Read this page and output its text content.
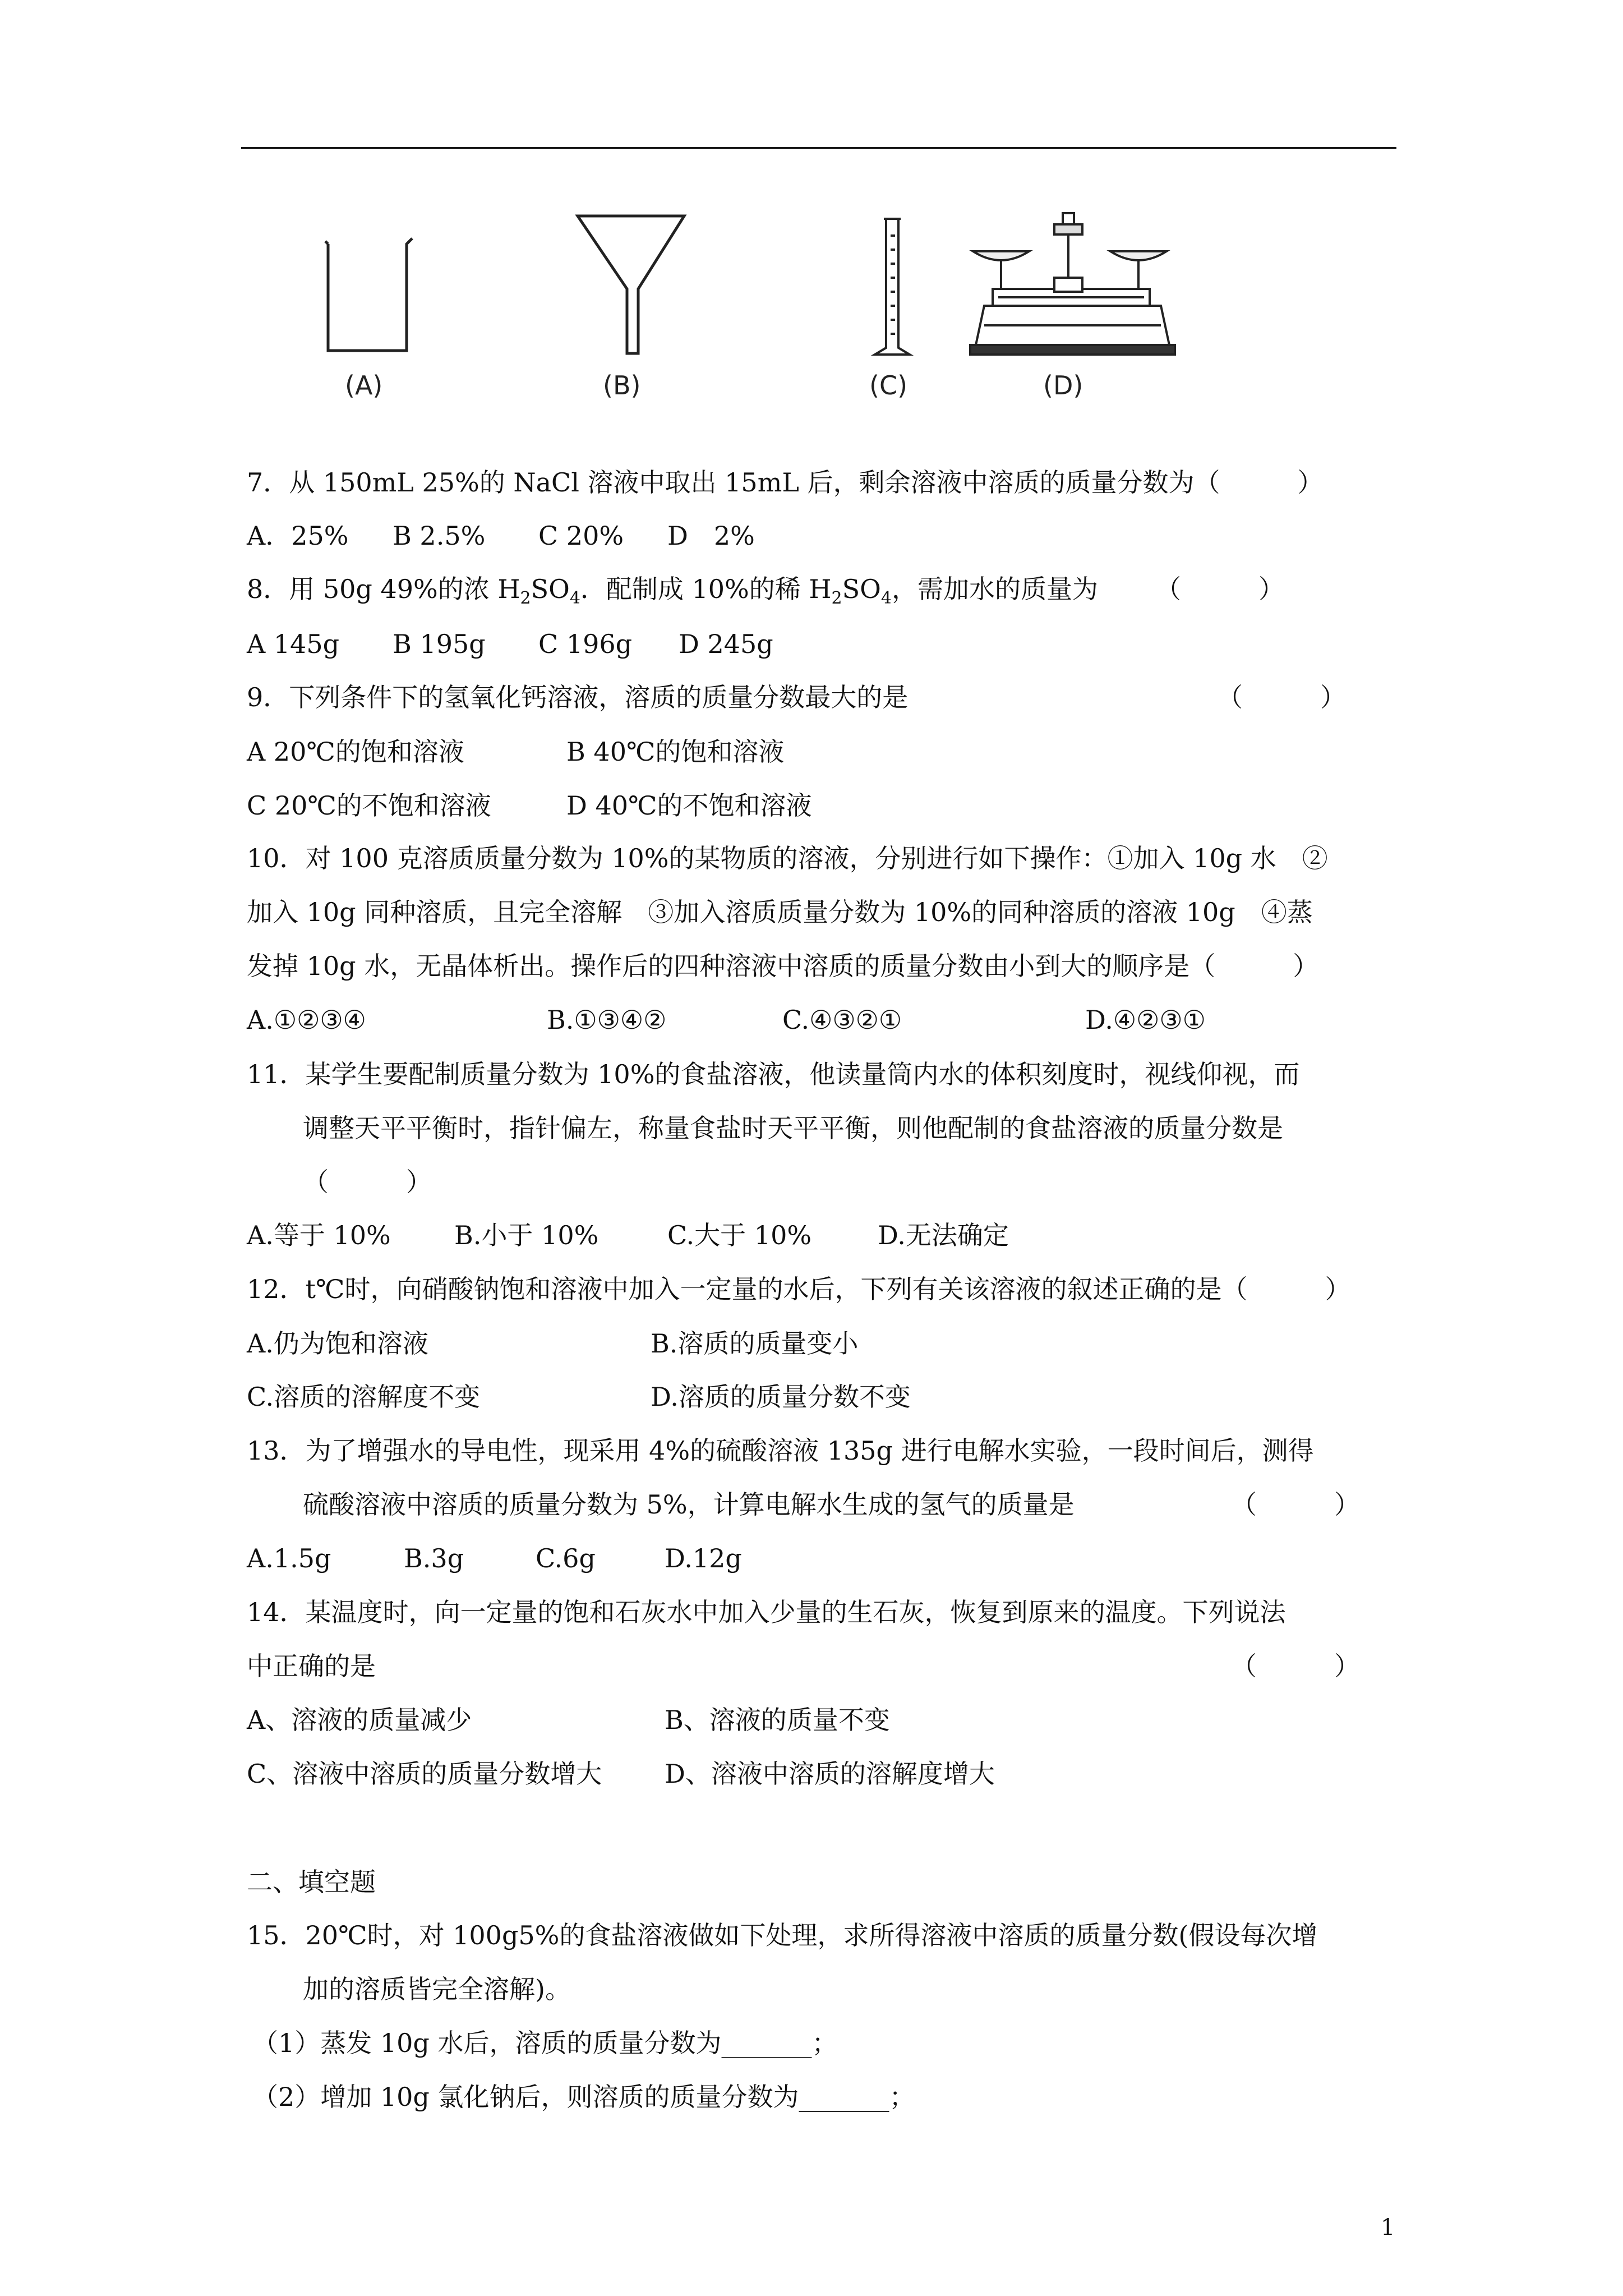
(A)	(B)	(C)	(D)
7．从 150mL 25%的 NaCl 溶液中取出 15mL 后，剩余溶液中溶质的质量分数为（　　　）
A．25% B 2.5% C 20% D　2%
8．用 50g 49%的浓 $H_2SO_4$．配制成 10%的稀 $H_2SO_4$，需加水的质量为 （　　　）
A 145g B 195g C 196g D 245g
9．下列条件下的氢氧化钙溶液，溶质的质量分数最大的是	（　　　）
A 20℃的饱和溶液	B 40℃的饱和溶液
C 20℃的不饱和溶液	D 40℃的不饱和溶液
10．对 100 克溶质质量分数为 10%的某物质的溶液，分别进行如下操作：①加入 10g 水　②
加入 10g 同种溶质，且完全溶解　③加入溶质质量分数为 10%的同种溶质的溶液 10g　④蒸
发掉 10g 水，无晶体析出。操作后的四种溶液中溶质的质量分数由小到大的顺序是（　　　）
A.①②③④	B.①③④②	C.④③②①	D.④②③①
11．某学生要配制质量分数为 10%的食盐溶液，他读量筒内水的体积刻度时，视线仰视，而
调整天平平衡时，指针偏左，称量食盐时天平平衡，则他配制的食盐溶液的质量分数是
（　　　）
A.等于 10% B.小于 10%	C.大于 10%	D.无法确定
12．t℃时，向硝酸钠饱和溶液中加入一定量的水后，下列有关该溶液的叙述正确的是（　　　）
A.仍为饱和溶液	B.溶质的质量变小
C.溶质的溶解度不变	D.溶质的质量分数不变
13．为了增强水的导电性，现采用 4%的硫酸溶液 135g 进行电解水实验，一段时间后，测得
硫酸溶液中溶质的质量分数为 5%，计算电解水生成的氢气的质量是	（　　　）
A.1.5g	B.3g	C.6g	D.12g
14．某温度时，向一定量的饱和石灰水中加入少量的生石灰，恢复到原来的温度。下列说法
中正确的是	（　　　）
A、溶液的质量减少	B、溶液的质量不变
C、溶液中溶质的质量分数增大 D、溶液中溶质的溶解度增大
二、填空题
15．20℃时，对 100g5%的食盐溶液做如下处理，求所得溶液中溶质的质量分数(假设每次增
加的溶质皆完全溶解)。
（1）蒸发 10g 水后，溶质的质量分数为_______；
（2）增加 10g 氯化钠后，则溶质的质量分数为_______；
1
